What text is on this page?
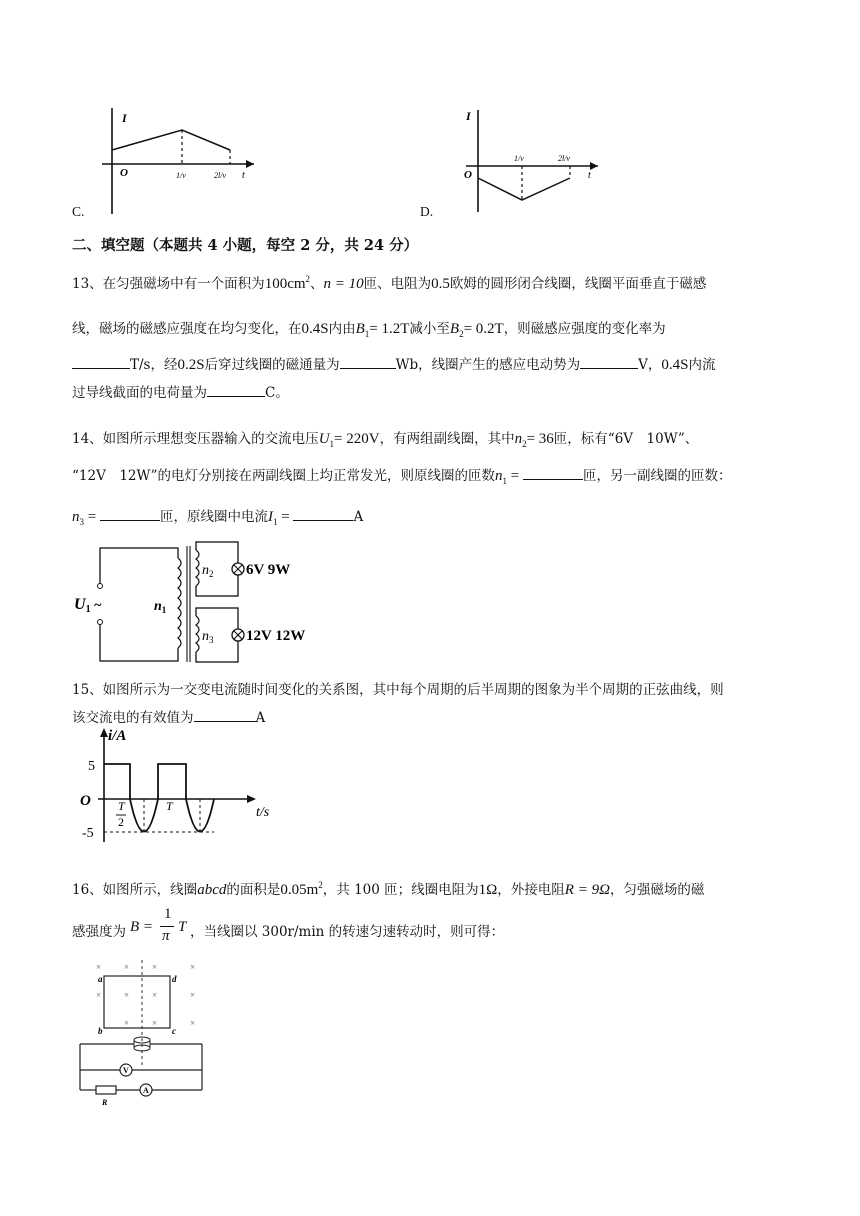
I
O	1/v	2l/v t
C.
I
O
1/v	2l/v
t
D.
二、填空题（本题共 4 小题，每空 2 分，共 24 分）
13、在匀强磁场中有一个面积为$100cm^2$、n = 10匝、电阻为0.5欧姆的圆形闭合线圈，线圈平面垂直于磁感
线，磁场的磁感应强度在均匀变化，在0.4S内由$B_1= 1.2T$减小至$B_2= 0.2T$，则磁感应强度的变化率为
T/s，经0.2S后穿过线圈的磁通量为	Wb，线圈产生的感应电动势为	V，0.4S内流
过导线截面的电荷量为	C。
14、如图所示理想变压器输入的交流电压$U_1= 220V$，有两组副线圈，其中$n_2= 36$匝，标有“6V　10W”、
“12V　12W”的电灯分别接在两副线圈上均正常发光，则原线圈的匝数$n_1$ =	匝，另一副线圈的匝数：
$n_3$ =	匝，原线圈中电流$I_1$ =	A
U1 ~	$n_1$
$n_2$
$n_3$
6V 9W
12V 12W
15、如图所示为一交变电流随时间变化的关系图，其中每个周期的后半周期的图象为半个周期的正弦曲线，则
该交流电的有效值为	A
i/A
t/s
O
5
-5
T
2
T
16、如图所示，线圈abcd的面积是$0.05m^2$，共 100 匝；线圈电阻为1Ω，外接电阻R = 9Ω，匀强磁场的磁
感强度为 B =
1
π
T ，当线圈以 300r/min 的转速匀速转动时，则可得：
×	×	×	×
×	×	×	×
×	×	×
a
b	c
d
V
A
R
